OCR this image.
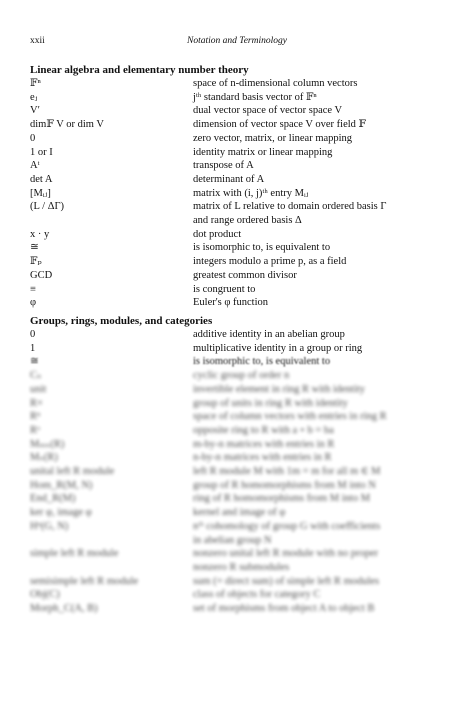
xxii	Notation and Terminology
Linear algebra and elementary number theory
𝔽ⁿ	space of n-dimensional column vectors
eⱼ	jᵗʰ standard basis vector of 𝔽ⁿ
V′	dual vector space of vector space V
dim𝔽 V or dim V	dimension of vector space V over field 𝔽
0	zero vector, matrix, or linear mapping
1 or I	identity matrix or linear mapping
Aᵗ	transpose of A
det A	determinant of A
[Mᵢⱼ]	matrix with (i, j)ᵗʰ entry Mᵢⱼ
(L / ΔΓ)	matrix of L relative to domain ordered basis Γ
and range ordered basis Δ
x · y	dot product
≅	is isomorphic to, is equivalent to
𝔽ₚ	integers modulo a prime p, as a field
GCD	greatest common divisor
≡	is congruent to
φ	Euler's φ function
Groups, rings, modules, and categories
0	additive identity in an abelian group
1	multiplicative identity in a group or ring
≅	is isomorphic to, is equivalent to
Cₙ	cyclic group of order n
unit	invertible element in ring R with identity
R×	group of units in ring R with identity
Rⁿ	space of column vectors with entries in ring R
Rᵒ	opposite ring to R with a ∘ b = ba
Mₘₙ(R)	m-by-n matrices with entries in R
Mₙ(R)	n-by-n matrices with entries in R
unital left R module	left R module M with 1m = m for all m ∈ M
Hom_R(M, N)	group of R homomorphisms from M into N
End_R(M)	ring of R homomorphisms from M into M
ker φ, image φ	kernel and image of φ
Hⁿ(G, N)	nᵗʰ cohomology of group G with coefficients
in abelian group N
simple left R module	nonzero unital left R module with no proper
nonzero R submodules
semisimple left R module	sum (= direct sum) of simple left R modules
Obj(C)	class of objects for category C
Morph_C(A, B)	set of morphisms from object A to object B
